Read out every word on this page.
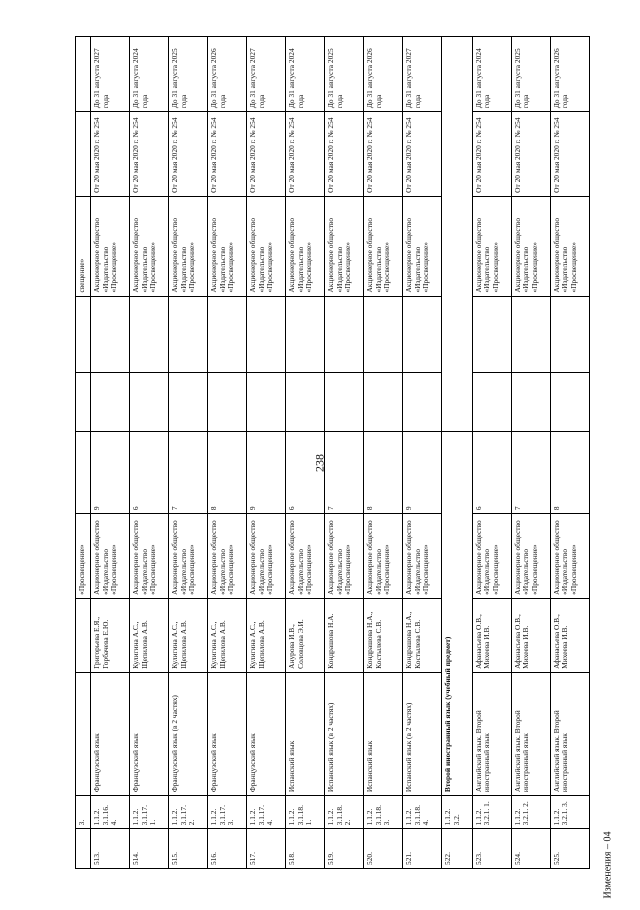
238
Изменения – 04
	3.			«Просвещение»				свещение»		
513.	1.1.2. 3.1.16. 4.	Французский язык	Григорьева Е.Я., Горбачева Е.Ю.	Акционерное общество «Издательство «Просвещение»	9			Акционерное общество «Издательство «Просвещение»	От 20 мая 2020 г. № 254	До 31 августа 2027 года
514.	1.1.2. 3.1.17. 1.	Французский язык	Кулигина А.С., Щепилова А.В.	Акционерное общество «Издательство «Просвещение»	6			Акционерное общество «Издательство «Просвещение»	От 20 мая 2020 г. № 254	До 31 августа 2024 года
515.	1.1.2. 3.1.17. 2.	Французский язык (в 2 частях)	Кулигина А.С., Щепилова А.В.	Акционерное общество «Издательство «Просвещение»	7			Акционерное общество «Издательство «Просвещение»	От 20 мая 2020 г. № 254	До 31 августа 2025 года
516.	1.1.2. 3.1.17. 3.	Французский язык	Кулигина А.С., Щепилова А.В.	Акционерное общество «Издательство «Просвещение»	8			Акционерное общество «Издательство «Просвещение»	От 20 мая 2020 г. № 254	До 31 августа 2026 года
517.	1.1.2. 3.1.17. 4.	Французский язык	Кулигина А.С., Щепилова А.В.	Акционерное общество «Издательство «Просвещение»	9			Акционерное общество «Издательство «Просвещение»	От 20 мая 2020 г. № 254	До 31 августа 2027 года
518.	1.1.2. 3.1.18. 1.	Испанский язык	Анурова И.В., Соловцова Э.И.	Акционерное общество «Издательство «Просвещение»	6			Акционерное общество «Издательство «Просвещение»	От 20 мая 2020 г. № 254	До 31 августа 2024 года
519.	1.1.2. 3.1.18. 2.	Испанский язык (в 2 частях)	Кондрашова Н.А.	Акционерное общество «Издательство «Просвещение»	7			Акционерное общество «Издательство «Просвещение»	От 20 мая 2020 г. № 254	До 31 августа 2025 года
520.	1.1.2. 3.1.18. 3.	Испанский язык	Кондрашова Н.А., Костылева С.В.	Акционерное общество «Издательство «Просвещение»	8			Акционерное общество «Издательство «Просвещение»	От 20 мая 2020 г. № 254	До 31 августа 2026 года
521.	1.1.2. 3.1.18. 4.	Испанский язык (в 2 частях)	Кондрашова Н.А., Костылева С.В.	Акционерное общество «Издательство «Просвещение»	9			Акционерное общество «Издательство «Просвещение»	От 20 мая 2020 г. № 254	До 31 августа 2027 года
522.	1.1.2. 3.2.	Второй иностранный язык (учебный предмет)								
523.	1.1.2. 3.2.1. 1.	Английский язык. Второй иностранный язык	Афанасьева О.В., Михеева И.В.	Акционерное общество «Издательство «Просвещение»	6			Акционерное общество «Издательство «Просвещение»	От 20 мая 2020 г. № 254	До 31 августа 2024 года
524.	1.1.2. 3.2.1. 2.	Английский язык. Второй иностранный язык	Афанасьева О.В., Михеева И.В.	Акционерное общество «Издательство «Просвещение»	7			Акционерное общество «Издательство «Просвещение»	От 20 мая 2020 г. № 254	До 31 августа 2025 года
525.	1.1.2. 3.2.1. 3.	Английский язык. Второй иностранный язык	Афанасьева О.В., Михеева И.В.	Акционерное общество «Издательство «Просвещение»	8			Акционерное общество «Издательство «Просвещение»	От 20 мая 2020 г. № 254	До 31 августа 2026 года
